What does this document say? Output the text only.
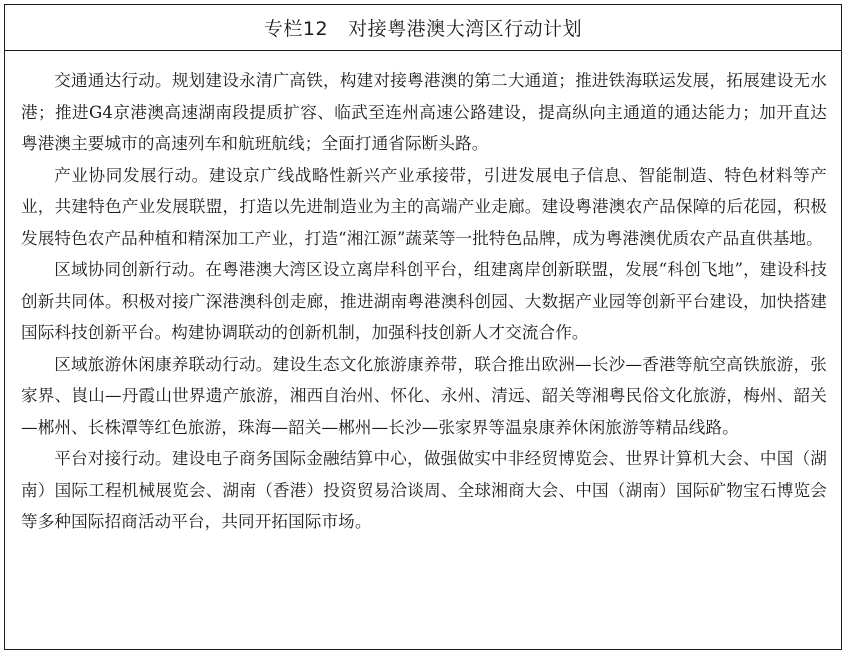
专栏12 对接粤港澳大湾区行动计划

交通通达行动。规划建设永清广高铁，构建对接粤港澳的第二大通道；推进铁海联运发展，拓展建设无水港；推进G4京港澳高速湖南段提质扩容、临武至连州高速公路建设，提高纵向主通道的通达能力；加开直达粤港澳主要城市的高速列车和航班航线；全面打通省际断头路。

产业协同发展行动。建设京广线战略性新兴产业承接带，引进发展电子信息、智能制造、特色材料等产业，共建特色产业发展联盟，打造以先进制造业为主的高端产业走廊。建设粤港澳农产品保障的后花园，积极发展特色农产品种植和精深加工产业，打造“湘江源”蔬菜等一批特色品牌，成为粤港澳优质农产品直供基地。

区域协同创新行动。在粤港澳大湾区设立离岸科创平台，组建离岸创新联盟，发展“科创飞地”，建设科技创新共同体。积极对接广深港澳科创走廊，推进湖南粤港澳科创园、大数据产业园等创新平台建设，加快搭建国际科技创新平台。构建协调联动的创新机制，加强科技创新人才交流合作。

区域旅游休闲康养联动行动。建设生态文化旅游康养带，联合推出欧洲—长沙—香港等航空高铁旅游，张家界、崀山—丹霞山世界遗产旅游，湘西自治州、怀化、永州、清远、韶关等湘粤民俗文化旅游，梅州、韶关—郴州、长株潭等红色旅游，珠海—韶关—郴州—长沙—张家界等温泉康养休闲旅游等精品线路。

平台对接行动。建设电子商务国际金融结算中心，做强做实中非经贸博览会、世界计算机大会、中国（湖南）国际工程机械展览会、湖南（香港）投资贸易洽谈周、全球湘商大会、中国（湖南）国际矿物宝石博览会等多种国际招商活动平台，共同开拓国际市场。
